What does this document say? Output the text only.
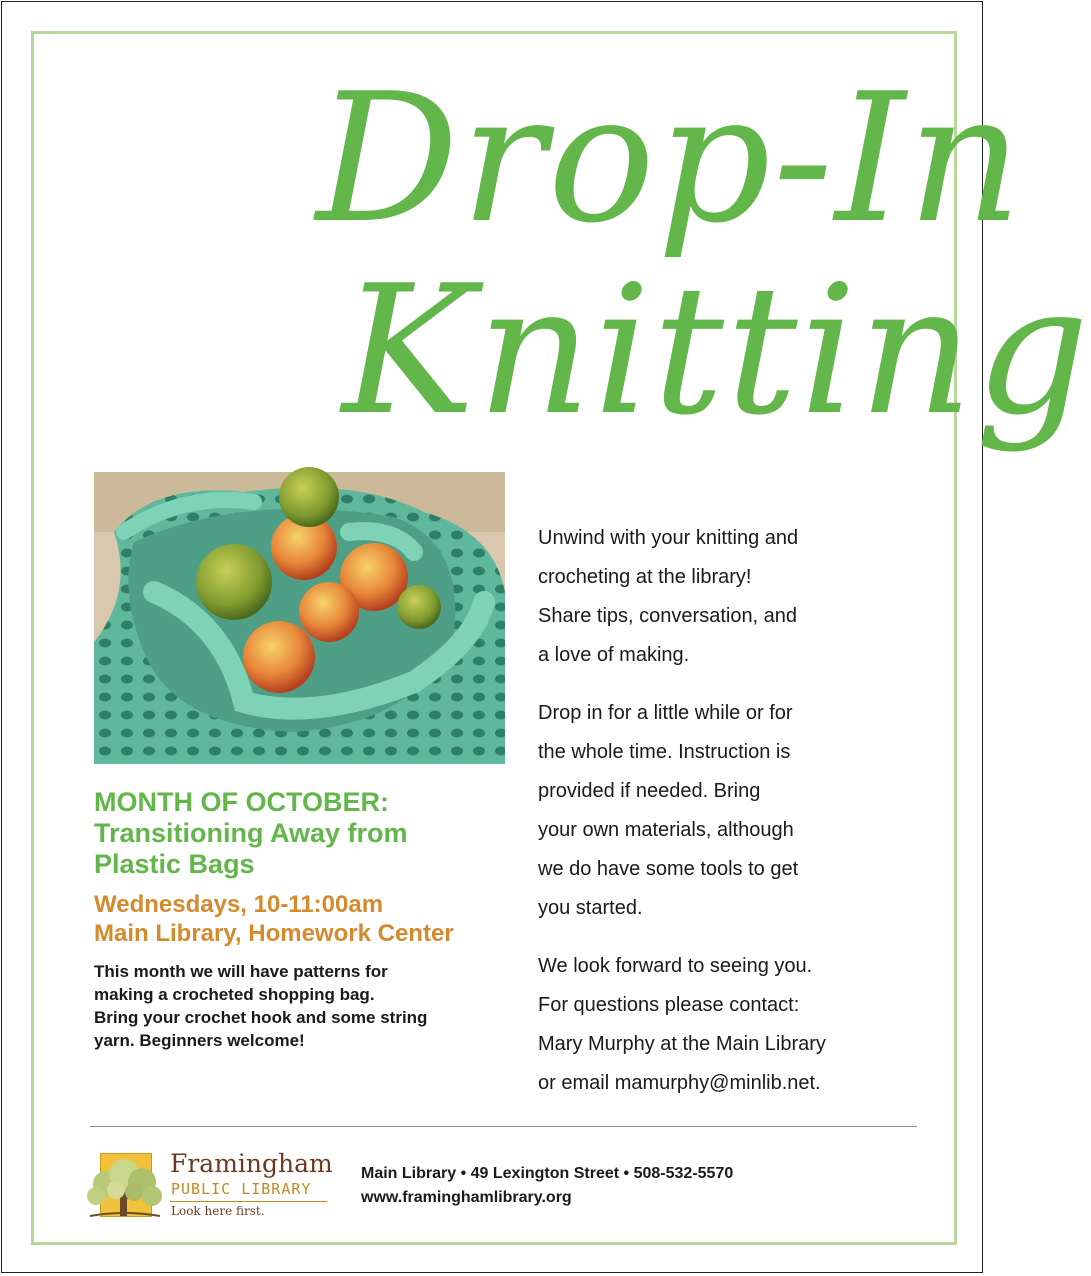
Drop-In
Knitting
MONTH OF OCTOBER:
Transitioning Away from
Plastic Bags
Wednesdays, 10-11:00am
Main Library, Homework Center
This month we will have patterns for
making a crocheted shopping bag.
Bring your crochet hook and some string
yarn. Beginners welcome!
Unwind with your knitting and
crocheting at the library!
Share tips, conversation, and
a love of making.
Drop in for a little while or for
the whole time. Instruction is
provided if needed. Bring
your own materials, although
we do have some tools to get
you started.
We look forward to seeing you.
For questions please contact:
Mary Murphy at the Main Library
or email mamurphy@minlib.net.
Framingham
PUBLIC LIBRARY
Look here first.
Main Library • 49 Lexington Street • 508-532-5570
www.framinghamlibrary.org
